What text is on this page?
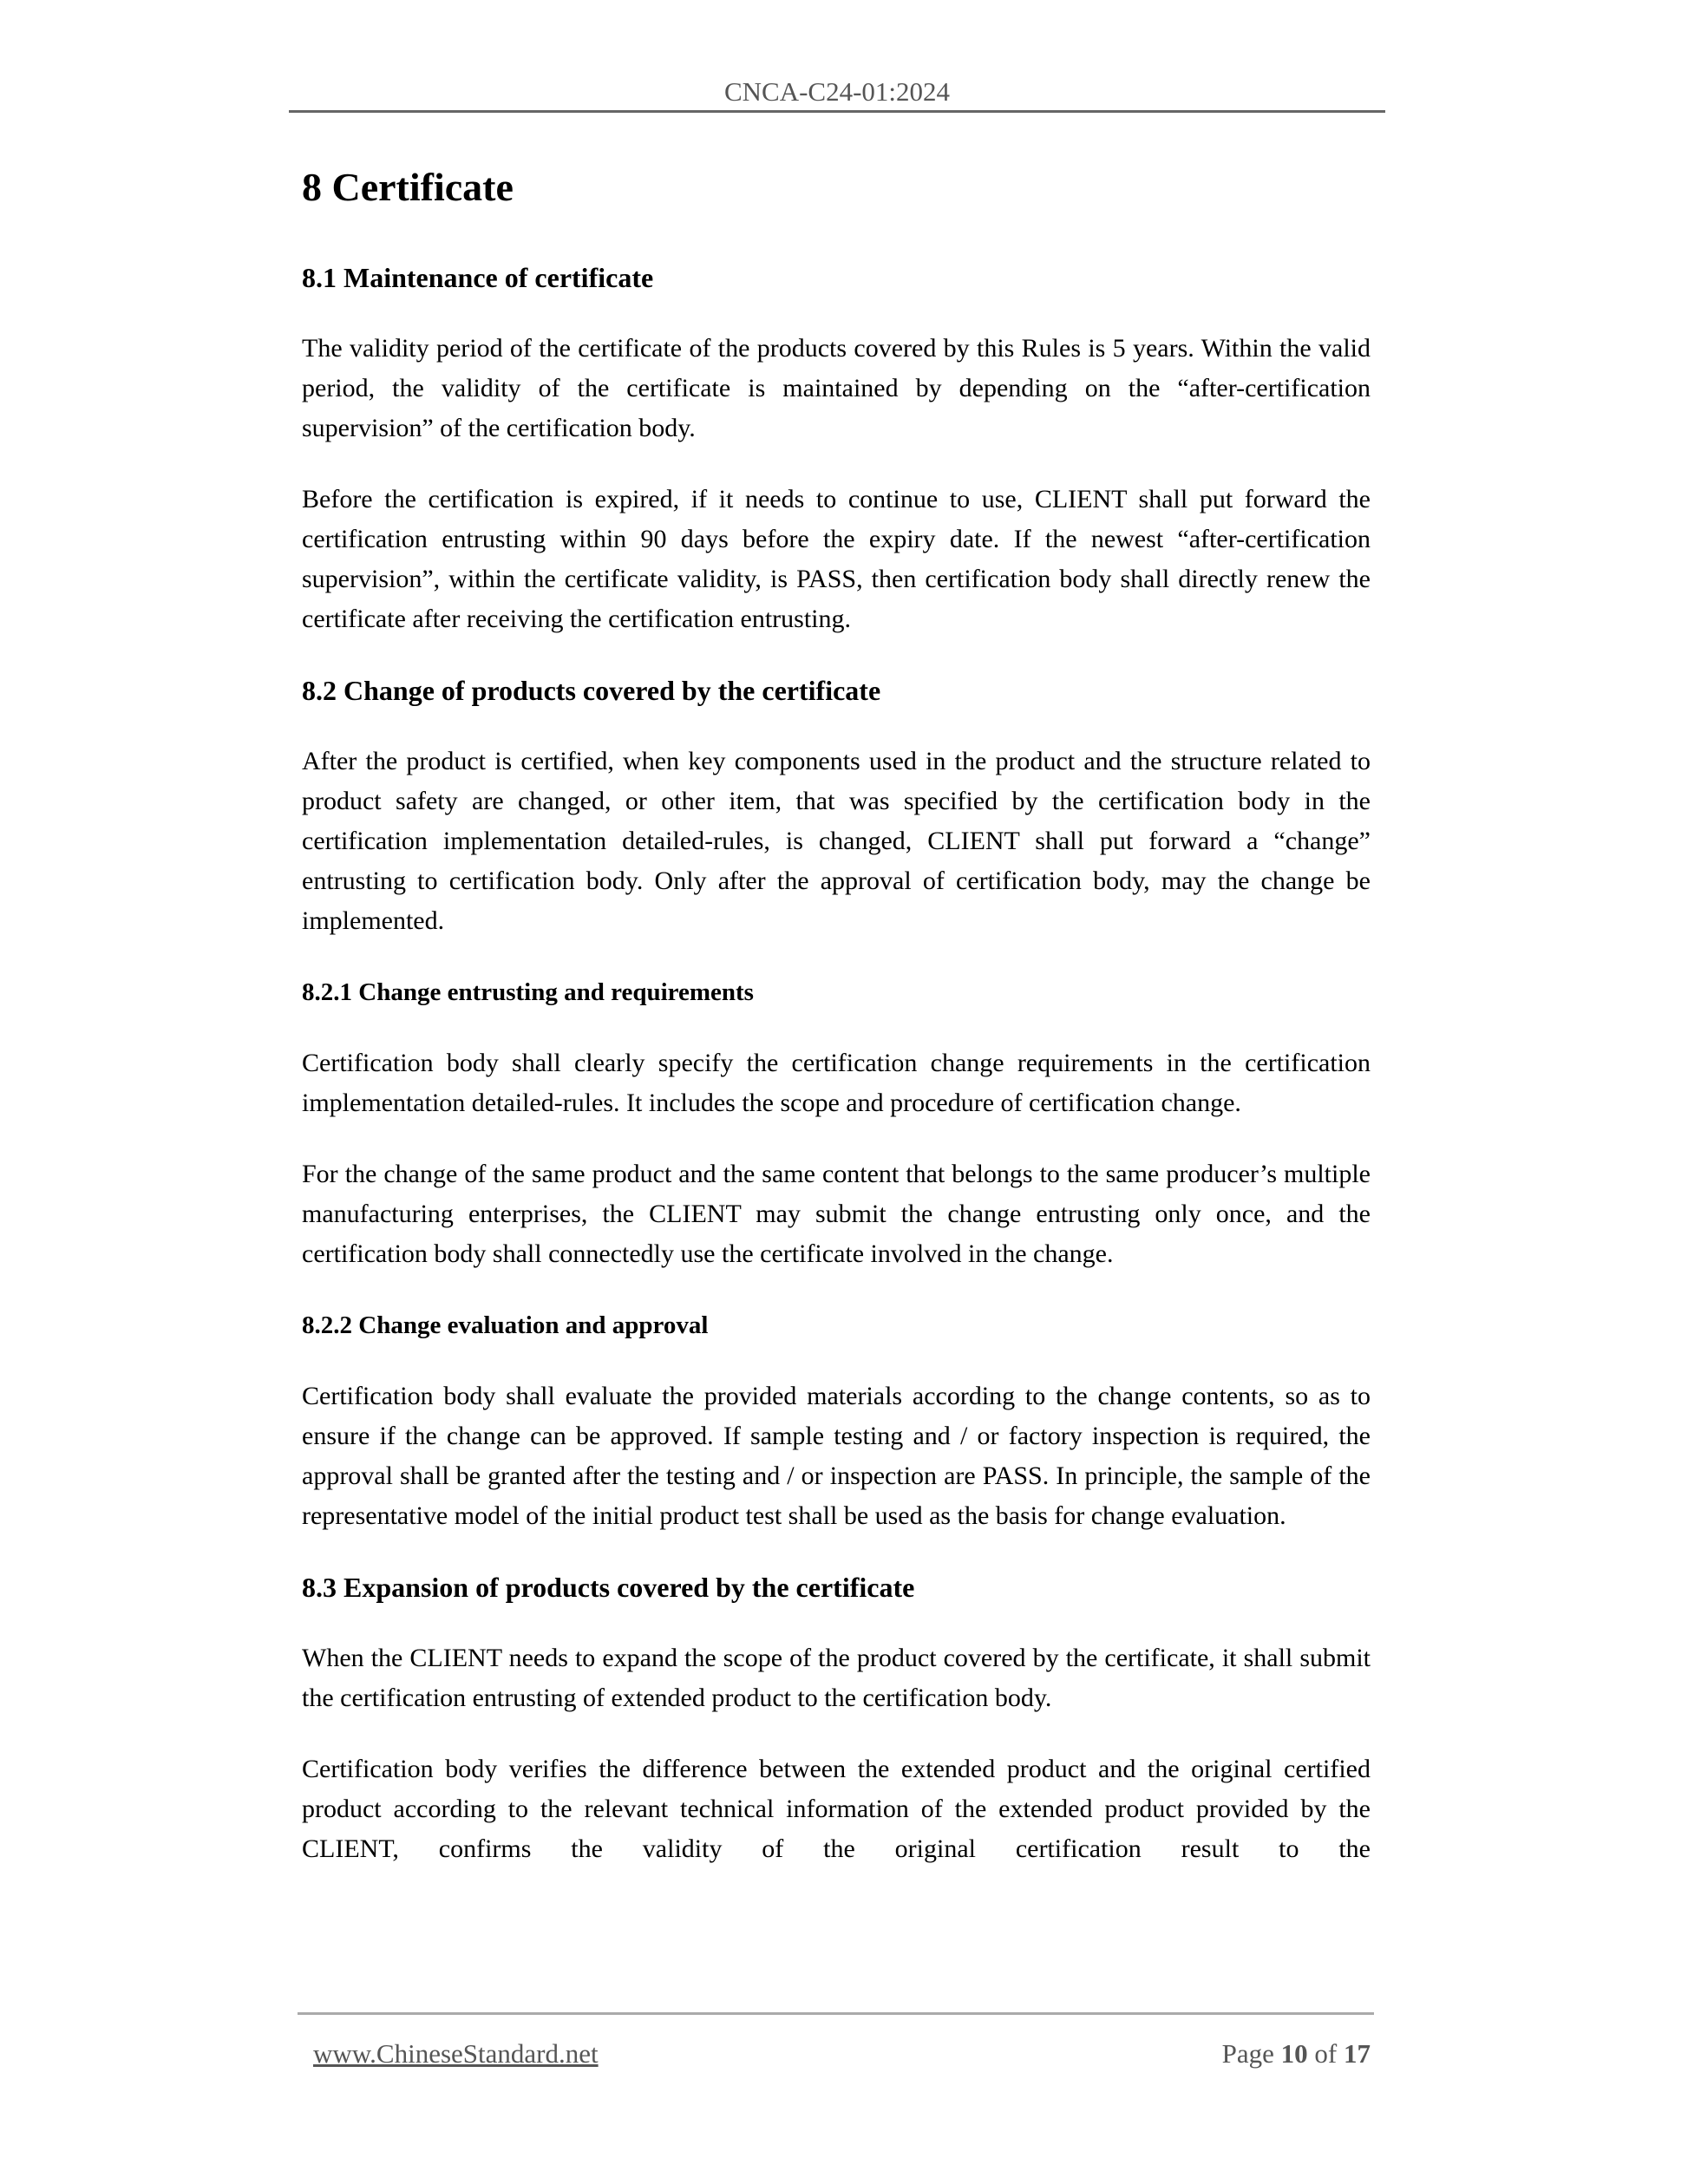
CNCA-C24-01:2024
8 Certificate
8.1 Maintenance of certificate

The validity period of the certificate of the products covered by this Rules is 5 years. Within the valid period, the validity of the certificate is maintained by depending on the “after-certification supervision” of the certification body.

Before the certification is expired, if it needs to continue to use, CLIENT shall put forward the certification entrusting within 90 days before the expiry date. If the newest “after-certification supervision”, within the certificate validity, is PASS, then certification body shall directly renew the certificate after receiving the certification entrusting.

8.2 Change of products covered by the certificate

After the product is certified, when key components used in the product and the structure related to product safety are changed, or other item, that was specified by the certification body in the certification implementation detailed-rules, is changed, CLIENT shall put forward a “change” entrusting to certification body. Only after the approval of certification body, may the change be implemented.

8.2.1 Change entrusting and requirements

Certification body shall clearly specify the certification change requirements in the certification implementation detailed-rules. It includes the scope and procedure of certification change.

For the change of the same product and the same content that belongs to the same producer’s multiple manufacturing enterprises, the CLIENT may submit the change entrusting only once, and the certification body shall connectedly use the certificate involved in the change.

8.2.2 Change evaluation and approval

Certification body shall evaluate the provided materials according to the change contents, so as to ensure if the change can be approved. If sample testing and / or factory inspection is required, the approval shall be granted after the testing and / or inspection are PASS. In principle, the sample of the representative model of the initial product test shall be used as the basis for change evaluation.

8.3 Expansion of products covered by the certificate

When the CLIENT needs to expand the scope of the product covered by the certificate, it shall submit the certification entrusting of extended product to the certification body.

Certification body verifies the difference between the extended product and the original certified product according to the relevant technical information of the extended product provided by the CLIENT, confirms the validity of the original certification result to the

www.ChineseStandard.net	Page 10 of 17
